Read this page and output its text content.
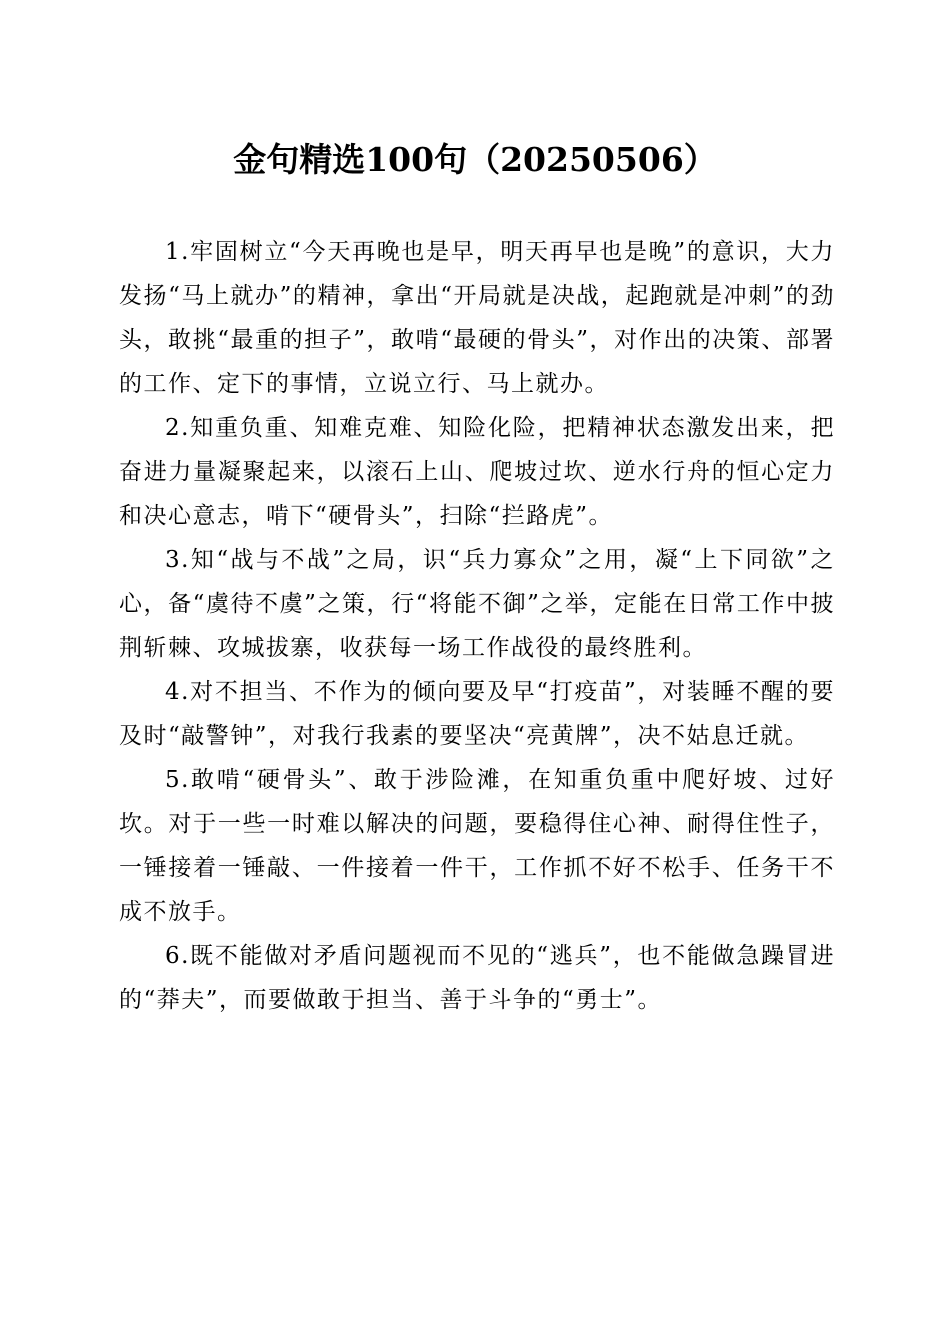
金句精选100句（20250506）

1.牢固树立“今天再晚也是早，明天再早也是晚”的意识，大力发扬“马上就办”的精神，拿出“开局就是决战，起跑就是冲刺”的劲头，敢挑“最重的担子”，敢啃“最硬的骨头”，对作出的决策、部署的工作、定下的事情，立说立行、马上就办。

2.知重负重、知难克难、知险化险，把精神状态激发出来，把奋进力量凝聚起来，以滚石上山、爬坡过坎、逆水行舟的恒心定力和决心意志，啃下“硬骨头”，扫除“拦路虎”。

3.知“战与不战”之局，识“兵力寡众”之用，凝“上下同欲”之心，备“虞待不虞”之策，行“将能不御”之举，定能在日常工作中披荆斩棘、攻城拔寨，收获每一场工作战役的最终胜利。

4.对不担当、不作为的倾向要及早“打疫苗”，对装睡不醒的要及时“敲警钟”，对我行我素的要坚决“亮黄牌”，决不姑息迁就。

5.敢啃“硬骨头”、敢于涉险滩，在知重负重中爬好坡、过好坎。对于一些一时难以解决的问题，要稳得住心神、耐得住性子，一锤接着一锤敲、一件接着一件干，工作抓不好不松手、任务干不成不放手。

6.既不能做对矛盾问题视而不见的“逃兵”，也不能做急躁冒进的“莽夫”，而要做敢于担当、善于斗争的“勇士”。
